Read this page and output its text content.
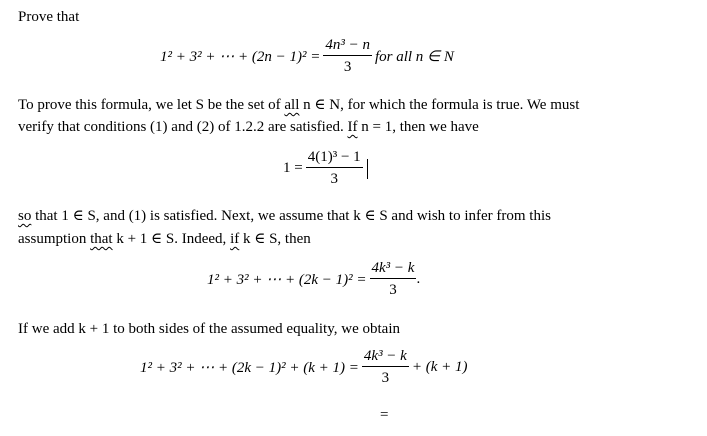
Prove that
1² + 3² + ⋯ + $(2n - 1)^2 = \frac{\text{4n³ − n}}{3}$ for all n ∈ N
To prove this formula, we let S be the set of all n ∈ N, for which the formula is true. We must
verify that conditions (1) and (2) of 1.2.2 are satisfied. If n = 1, then we have
$1 = \frac{\text{4(1)³ − 1}}{3}$
so that 1 ∈ S, and (1) is satisfied. Next, we assume that k ∈ S and wish to infer from this
assumption that k + 1 ∈ S. Indeed, if k ∈ S, then
1² + 3² + ⋯ + $(2k - 1)^2 = \frac{\text{4k³ − k}}{3}$ .
If we add k + 1 to both sides of the assumed equality, we obtain
1² + 3² + ⋯ + $(2k - 1)^2 + (k + 1) = \frac{\text{4k³ − k}}{3} + (k + 1)$
=
